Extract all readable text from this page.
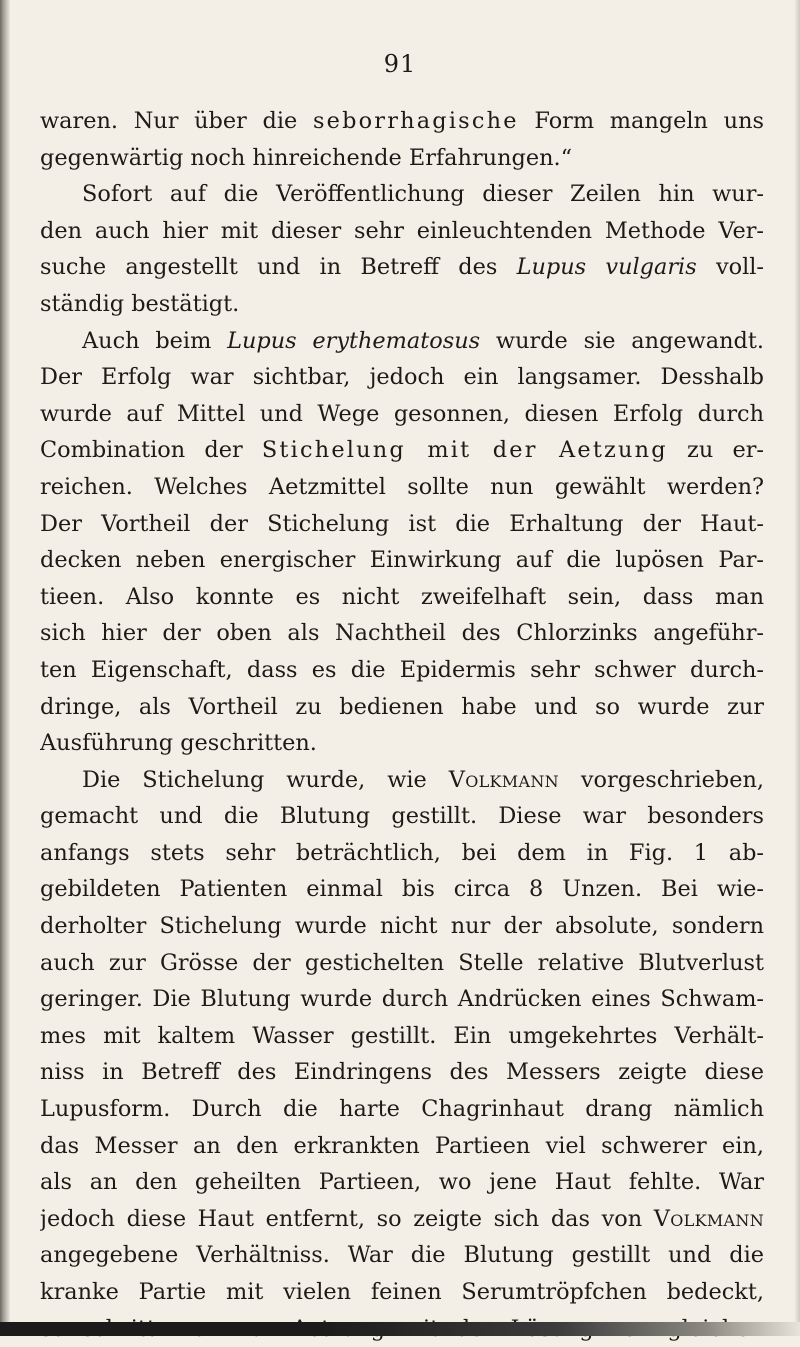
91
waren. Nur über die seborrhagische Form mangeln uns
gegenwärtig noch hinreichende Erfahrungen.“
Sofort auf die Veröffentlichung dieser Zeilen hin wur-
den auch hier mit dieser sehr einleuchtenden Methode Ver-
suche angestellt und in Betreff des Lupus vulgaris voll-
ständig bestätigt.
Auch beim Lupus erythematosus wurde sie angewandt.
Der Erfolg war sichtbar, jedoch ein langsamer. Desshalb
wurde auf Mittel und Wege gesonnen, diesen Erfolg durch
Combination der Stichelung mit der Aetzung zu er-
reichen. Welches Aetzmittel sollte nun gewählt werden?
Der Vortheil der Stichelung ist die Erhaltung der Haut-
decken neben energischer Einwirkung auf die lupösen Par-
tieen. Also konnte es nicht zweifelhaft sein, dass man
sich hier der oben als Nachtheil des Chlorzinks angeführ-
ten Eigenschaft, dass es die Epidermis sehr schwer durch-
dringe, als Vortheil zu bedienen habe und so wurde zur
Ausführung geschritten.
Die Stichelung wurde, wie Volkmann vorgeschrieben,
gemacht und die Blutung gestillt. Diese war besonders
anfangs stets sehr beträchtlich, bei dem in Fig. 1 ab-
gebildeten Patienten einmal bis circa 8 Unzen. Bei wie-
derholter Stichelung wurde nicht nur der absolute, sondern
auch zur Grösse der gestichelten Stelle relative Blutverlust
geringer. Die Blutung wurde durch Andrücken eines Schwam-
mes mit kaltem Wasser gestillt. Ein umgekehrtes Verhält-
niss in Betreff des Eindringens des Messers zeigte diese
Lupusform. Durch die harte Chagrinhaut drang nämlich
das Messer an den erkrankten Partieen viel schwerer ein,
als an den geheilten Partieen, wo jene Haut fehlte. War
jedoch diese Haut entfernt, so zeigte sich das von Volkmann
angegebene Verhältniss. War die Blutung gestillt und die
kranke Partie mit vielen feinen Serumtröpfchen bedeckt,
